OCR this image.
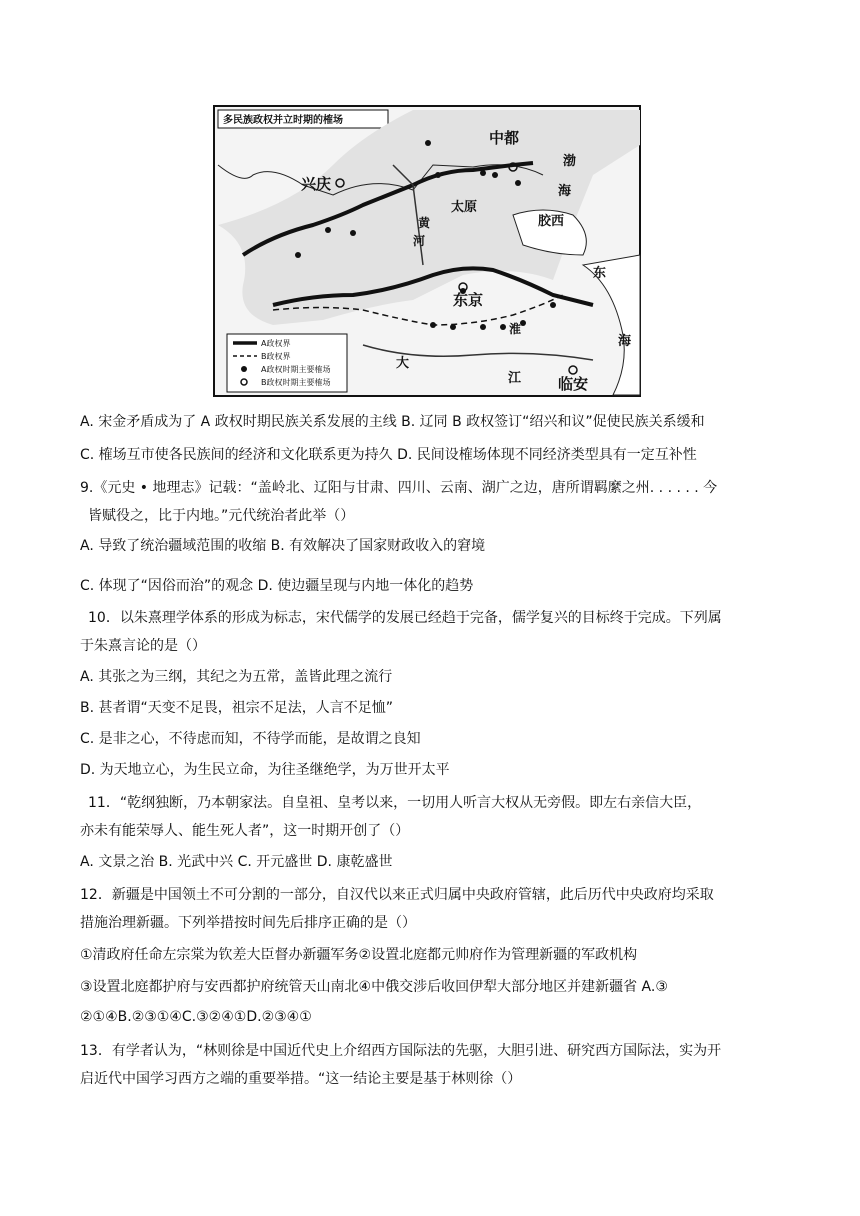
多民族政权并立时期的榷场
中都
兴庆
太原
胶西
东京
临安
渤
海
东
海
黄
河
大
江
淮
A政权界
B政权界
A政权时期主要榷场
B政权时期主要榷场
A. 宋金矛盾成为了 A 政权时期民族关系发展的主线 B. 辽同 B 政权签订“绍兴和议”促使民族关系缓和
C. 榷场互市使各民族间的经济和文化联系更为持久 D. 民间设榷场体现不同经济类型具有一定互补性
9.《元史 • 地理志》记载：“盖岭北、辽阳与甘肃、四川、云南、湖广之边，唐所谓羁縻之州. . . . . . 今
皆赋役之，比于内地。”元代统治者此举（）
A. 导致了统治疆域范围的收缩 B. 有效解决了国家财政收入的窘境
C. 体现了“因俗而治”的观念 D. 使边疆呈现与内地一体化的趋势
10．以朱熹理学体系的形成为标志，宋代儒学的发展已经趋于完备，儒学复兴的目标终于完成。下列属
于朱熹言论的是（）
A. 其张之为三纲，其纪之为五常，盖皆此理之流行
B. 甚者谓“天变不足畏，祖宗不足法，人言不足恤”
C. 是非之心，不待虑而知，不待学而能，是故谓之良知
D. 为天地立心，为生民立命，为往圣继绝学，为万世开太平
11．“乾纲独断，乃本朝家法。自皇祖、皇考以来，一切用人听言大权从无旁假。即左右亲信大臣，
亦未有能荣辱人、能生死人者”，这一时期开创了（）
A. 文景之治 B. 光武中兴 C. 开元盛世 D. 康乾盛世
12．新疆是中国领土不可分割的一部分，自汉代以来正式归属中央政府管辖，此后历代中央政府均采取
措施治理新疆。下列举措按时间先后排序正确的是（）
①清政府任命左宗棠为钦差大臣督办新疆军务②设置北庭都元帅府作为管理新疆的军政机构
③设置北庭都护府与安西都护府统管天山南北④中俄交涉后收回伊犁大部分地区并建新疆省 A.③
②①④B.②③①④C.③②④①D.②③④①
13．有学者认为，“林则徐是中国近代史上介绍西方国际法的先驱，大胆引进、研究西方国际法，实为开
启近代中国学习西方之端的重要举措。“这一结论主要是基于林则徐（）
